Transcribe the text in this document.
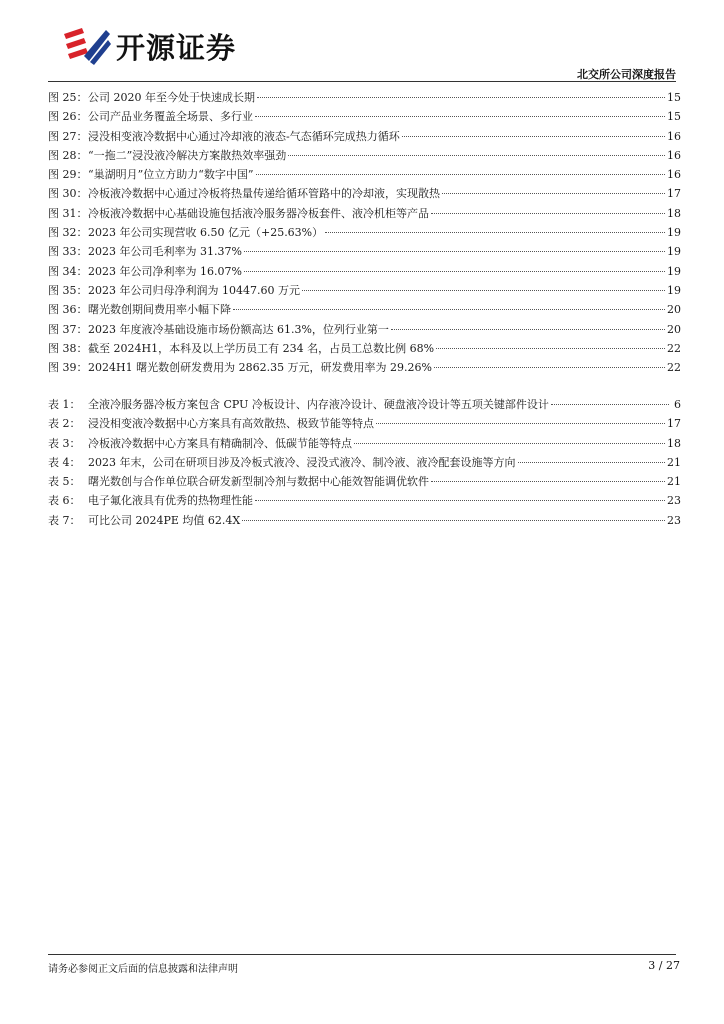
开源证券
北交所公司深度报告
图 25： 公司 2020 年至今处于快速成长期	15
图 26： 公司产品业务覆盖全场景、多行业	15
图 27： 浸没相变液冷数据中心通过冷却液的液态-气态循环完成热力循环	16
图 28： “一拖二”浸没液冷解决方案散热效率强劲	16
图 29： “巢湖明月”位立方助力“数字中国”	16
图 30： 冷板液冷数据中心通过冷板将热量传递给循环管路中的冷却液，实现散热	17
图 31： 冷板液冷数据中心基础设施包括液冷服务器冷板套件、液冷机柜等产品	18
图 32： 2023 年公司实现营收 6.50 亿元（+25.63%）	19
图 33： 2023 年公司毛利率为 31.37%	19
图 34： 2023 年公司净利率为 16.07%	19
图 35： 2023 年公司归母净利润为 10447.60 万元	19
图 36： 曙光数创期间费用率小幅下降	20
图 37： 2023 年度液冷基础设施市场份额高达 61.3%，位列行业第一	20
图 38： 截至 2024H1，本科及以上学历员工有 234 名，占员工总数比例 68%	22
图 39： 2024H1 曙光数创研发费用为 2862.35 万元，研发费用率为 29.26%	22
表 1： 全液冷服务器冷板方案包含 CPU 冷板设计、内存液冷设计、硬盘液冷设计等五项关键部件设计	6
表 2： 浸没相变液冷数据中心方案具有高效散热、极致节能等特点	17
表 3： 冷板液冷数据中心方案具有精确制冷、低碳节能等特点	18
表 4： 2023 年末，公司在研项目涉及冷板式液冷、浸没式液冷、制冷液、液冷配套设施等方向	21
表 5： 曙光数创与合作单位联合研发新型制冷剂与数据中心能效智能调优软件	21
表 6： 电子氟化液具有优秀的热物理性能	23
表 7： 可比公司 2024PE 均值 62.4X	23
请务必参阅正文后面的信息披露和法律声明	3 / 27
